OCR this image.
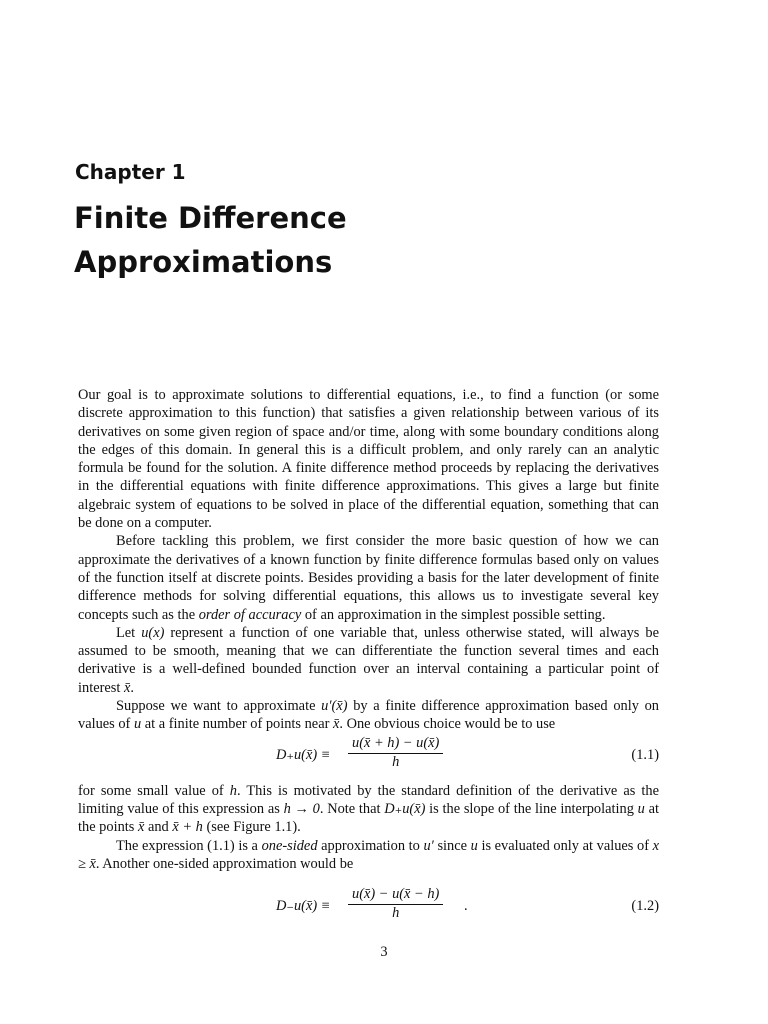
Chapter 1
Finite Difference
Approximations

Our goal is to approximate solutions to differential equations, i.e., to find a function (or some discrete approximation to this function) that satisfies a given relationship between various of its derivatives on some given region of space and/or time, along with some boundary conditions along the edges of this domain. In general this is a difficult problem, and only rarely can an analytic formula be found for the solution. A finite difference method proceeds by replacing the derivatives in the differential equations with finite difference approximations. This gives a large but finite algebraic system of equations to be solved in place of the differential equation, something that can be done on a computer.

Before tackling this problem, we first consider the more basic question of how we can approximate the derivatives of a known function by finite difference formulas based only on values of the function itself at discrete points. Besides providing a basis for the later development of finite difference methods for solving differential equations, this allows us to investigate several key concepts such as the order of accuracy of an approximation in the simplest possible setting.

Let u(x) represent a function of one variable that, unless otherwise stated, will always be assumed to be smooth, meaning that we can differentiate the function several times and each derivative is a well-defined bounded function over an interval containing a particular point of interest x̄.

Suppose we want to approximate u′(x̄) by a finite difference approximation based only on values of u at a finite number of points near x̄. One obvious choice would be to use

D₊u(x̄) ≡
u(x̄ + h) − u(x̄)
h	(1.1)

for some small value of h. This is motivated by the standard definition of the derivative as the limiting value of this expression as h → 0. Note that D₊u(x̄) is the slope of the line interpolating u at the points x̄ and x̄ + h (see Figure 1.1).

The expression (1.1) is a one-sided approximation to u′ since u is evaluated only at values of x ≥ x̄. Another one-sided approximation would be

D₋u(x̄) ≡
u(x̄) − u(x̄ − h)
h	.	(1.2)
3
